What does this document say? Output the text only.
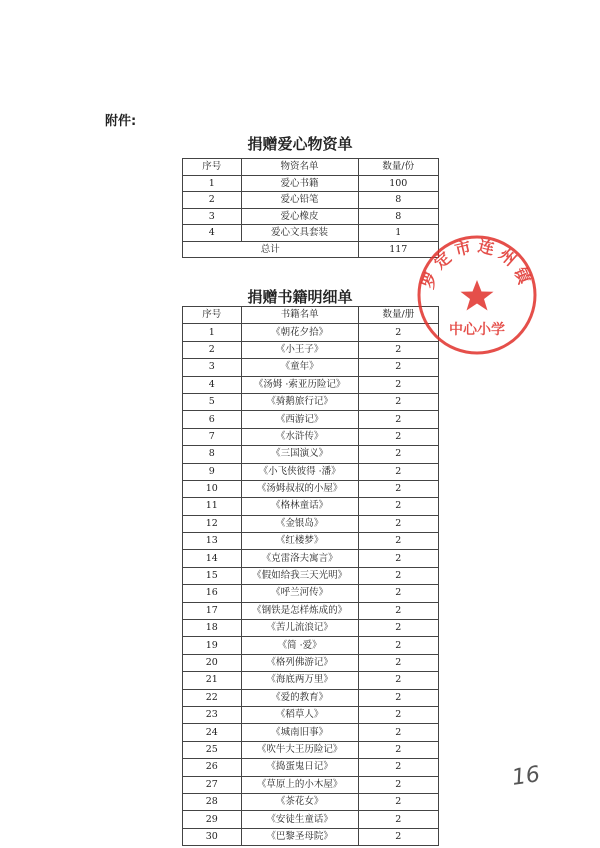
附件:
捐赠爱心物资单
序号	物资名单	数量/份
1	爱心书籍	100
2	爱心铅笔	8
3	爱心橡皮	8
4	爱心文具套装	1
总计		117
捐赠书籍明细单
序号	书籍名单	数量/册
1	《朝花夕拾》	2
2	《小王子》	2
3	《童年》	2
4	《汤姆 ·索亚历险记》	2
5	《骑鹅旅行记》	2
6	《西游记》	2
7	《水浒传》	2
8	《三国演义》	2
9	《小飞侠彼得 ·潘》	2
10	《汤姆叔叔的小屋》	2
11	《格林童话》	2
12	《金银岛》	2
13	《红楼梦》	2
14	《克雷洛夫寓言》	2
15	《假如给我三天光明》	2
16	《呼兰河传》	2
17	《钢铁是怎样炼成的》	2
18	《苦儿流浪记》	2
19	《简 ·爱》	2
20	《格列佛游记》	2
21	《海底两万里》	2
22	《爱的教育》	2
23	《稻草人》	2
24	《城南旧事》	2
25	《吹牛大王历险记》	2
26	《捣蛋鬼日记》	2
27	《草原上的小木屋》	2
28	《茶花女》	2
29	《安徒生童话》	2
30	《巴黎圣母院》	2
罗定市连州镇
中心小学
16
